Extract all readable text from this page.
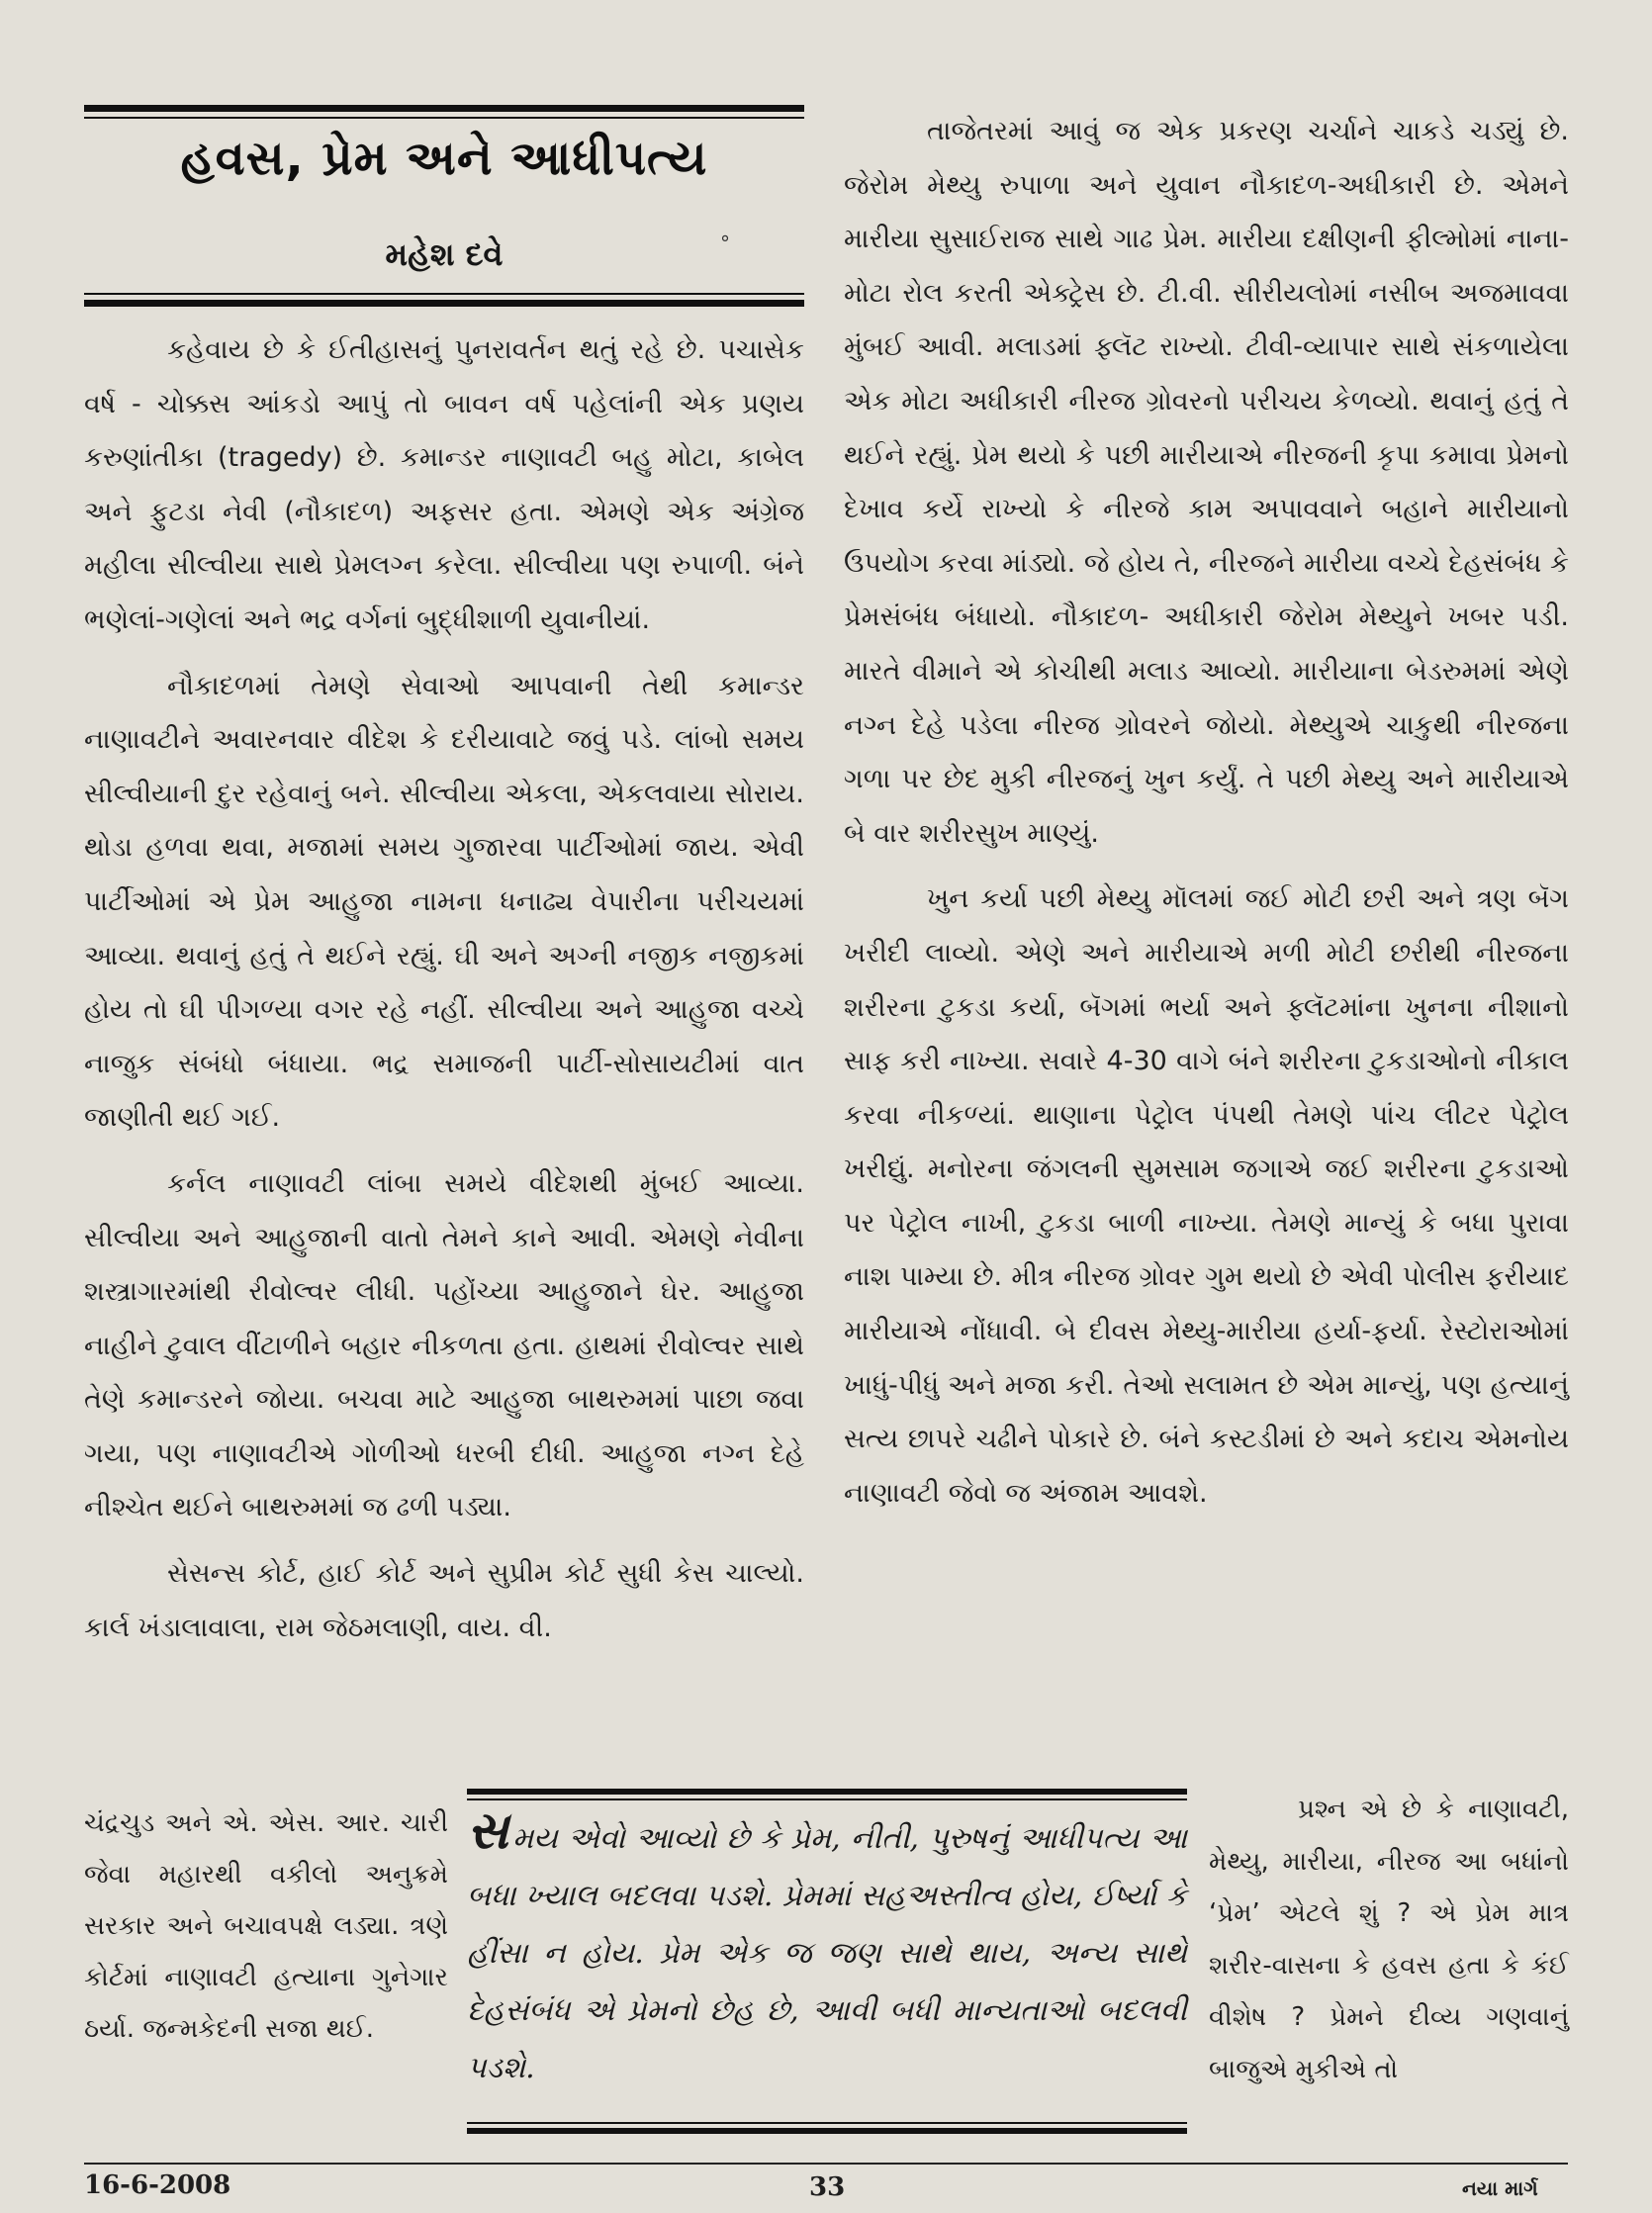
હવસ, પ્રેમ અને આધીપત્ય
મહેશ દવે	°

કહેવાય છે કે ઈતીહાસનું પુનરાવર્તન થતું રહે છે. પચાસેક વર્ષ - ચોક્કસ આંકડો આપું તો બાવન વર્ષ પહેલાંની એક પ્રણય કરુણાંતીકા (tragedy) છે. કમાન્ડર નાણાવટી બહુ મોટા, કાબેલ અને ફુટડા નેવી (નૌકાદળ) અફસર હતા. એમણે એક અંગ્રેજ મહીલા સીલ્વીયા સાથે પ્રેમલગ્ન કરેલા. સીલ્વીયા પણ રુપાળી. બંને ભણેલાં-ગણેલાં અને ભદ્ર વર્ગનાં બુદ્ધીશાળી યુવાનીયાં.

નૌકાદળમાં તેમણે સેવાઓ આપવાની તેથી કમાન્ડર નાણાવટીને અવારનવાર વીદેશ કે દરીયાવાટે જવું પડે. લાંબો સમય સીલ્વીયાની દુર રહેવાનું બને. સીલ્વીયા એકલા, એકલવાયા સોરાય. થોડા હળવા થવા, મજામાં સમય ગુજારવા પાર્ટીઓમાં જાય. એવી પાર્ટીઓમાં એ પ્રેમ આહુજા નામના ધનાઢ્ય વેપારીના પરીચયમાં આવ્યા. થવાનું હતું તે થઈને રહ્યું. ઘી અને અગ્ની નજીક નજીકમાં હોય તો ઘી પીગળ્યા વગર રહે નહીં. સીલ્વીયા અને આહુજા વચ્ચે નાજુક સંબંધો બંધાયા. ભદ્ર સમાજની પાર્ટી-સોસાયટીમાં વાત જાણીતી થઈ ગઈ.

કર્નલ નાણાવટી લાંબા સમયે વીદેશથી મુંબઈ આવ્યા. સીલ્વીયા અને આહુજાની વાતો તેમને કાને આવી. એમણે નેવીના શસ્ત્રાગારમાંથી રીવોલ્વર લીધી. પહોંચ્યા આહુજાને ઘેર. આહુજા નાહીને ટુવાલ વીંટાળીને બહાર નીકળતા હતા. હાથમાં રીવોલ્વર સાથે તેણે કમાન્ડરને જોયા. બચવા માટે આહુજા બાથરુમમાં પાછા જવા ગયા, પણ નાણાવટીએ ગોળીઓ ધરબી દીધી. આહુજા નગ્ન દેહે નીશ્ચેત થઈને બાથરુમમાં જ ઢળી પડ્યા.

સેસન્સ કોર્ટ, હાઈ કોર્ટ અને સુપ્રીમ કોર્ટ સુધી કેસ ચાલ્યો. કાર્લ ખંડાલાવાલા, રામ જેઠમલાણી, વાય. વી.

તાજેતરમાં આવું જ એક પ્રકરણ ચર્ચાને ચાકડે ચડ્યું છે. જેરોમ મેથ્યુ રુપાળા અને યુવાન નૌકાદળ-અધીકારી છે. એમને મારીયા સુસાઈરાજ સાથે ગાઢ પ્રેમ. મારીયા દક્ષીણની ફીલ્મોમાં નાના-મોટા રોલ કરતી એક્ટ્રેસ છે. ટી.વી. સીરીયલોમાં નસીબ અજમાવવા મુંબઈ આવી. મલાડમાં ફ્લૅટ રાખ્યો. ટીવી-વ્યાપાર સાથે સંકળાયેલા એક મોટા અધીકારી નીરજ ગ્રોવરનો પરીચય કેળવ્યો. થવાનું હતું તે થઈને રહ્યું. પ્રેમ થયો કે પછી મારીયાએ નીરજની કૃપા કમાવા પ્રેમનો દેખાવ કર્યે રાખ્યો કે નીરજે કામ અપાવવાને બહાને મારીયાનો ઉપયોગ કરવા માંડ્યો. જે હોય તે, નીરજને મારીયા વચ્ચે દેહસંબંધ કે પ્રેમસંબંધ બંધાયો. નૌકાદળ- અધીકારી જેરોમ મેથ્યુને ખબર પડી. મારતે વીમાને એ કોચીથી મલાડ આવ્યો. મારીયાના બેડરુમમાં એણે નગ્ન દેહે પડેલા નીરજ ગ્રોવરને જોયો. મેથ્યુએ ચાકુથી નીરજના ગળા પર છેદ મુકી નીરજનું ખુન કર્યું. તે પછી મેથ્યુ અને મારીયાએ બે વાર શરીરસુખ માણ્યું.

ખુન કર્યા પછી મેથ્યુ મૉલમાં જઈ મોટી છરી અને ત્રણ બૅગ ખરીદી લાવ્યો. એણે અને મારીયાએ મળી મોટી છરીથી નીરજના શરીરના ટુકડા કર્યા, બૅગમાં ભર્યા અને ફ્લૅટમાંના ખુનના નીશાનો સાફ કરી નાખ્યા. સવારે 4-30 વાગે બંને શરીરના ટુકડાઓનો નીકાલ કરવા નીકળ્યાં. થાણાના પેટ્રોલ પંપથી તેમણે પાંચ લીટર પેટ્રોલ ખરીદ્યું. મનોરના જંગલની સુમસામ જગાએ જઈ શરીરના ટુકડાઓ પર પેટ્રોલ નાખી, ટુકડા બાળી નાખ્યા. તેમણે માન્યું કે બધા પુરાવા નાશ પામ્યા છે. મીત્ર નીરજ ગ્રોવર ગુમ થયો છે એવી પોલીસ ફરીયાદ મારીયાએ નોંધાવી. બે દીવસ મેથ્યુ-મારીયા હર્યા-ફર્યા. રેસ્ટોરાઓમાં ખાધું-પીધું અને મજા કરી. તેઓ સલામત છે એમ માન્યું, પણ હત્યાનું સત્ય છાપરે ચઢીને પોકારે છે. બંને કસ્ટડીમાં છે અને કદાચ એમનોય નાણાવટી જેવો જ અંજામ આવશે.

ચંદ્રચુડ અને એ. એસ. આર. ચારી જેવા મહારથી વકીલો અનુક્રમે સરકાર અને બચાવપક્ષે લડ્યા. ત્રણે કોર્ટમાં નાણાવટી હત્યાના ગુનેગાર ઠર્યા. જન્મકેદની સજા થઈ.

સમય એવો આવ્યો છે કે પ્રેમ, નીતી, પુરુષનું આધીપત્ય આ બધા ખ્યાલ બદલવા પડશે. પ્રેમમાં સહઅસ્તીત્વ હોય, ઈર્ષ્યા કે હીંસા ન હોય. પ્રેમ એક જ જણ સાથે થાય, અન્ય સાથે દેહસંબંધ એ પ્રેમનો છેહ છે, આવી બધી માન્યતાઓ બદલવી પડશે.

પ્રશ્ન એ છે કે નાણાવટી, મેથ્યુ, મારીયા, નીરજ આ બધાંનો ‘પ્રેમ’ એટલે શું ? એ પ્રેમ માત્ર શરીર-વાસના કે હવસ હતા કે કંઈ વીશેષ ? પ્રેમને દીવ્ય ગણવાનું બાજુએ મુકીએ તો

16-6-2008	33	નયા માર્ગ
